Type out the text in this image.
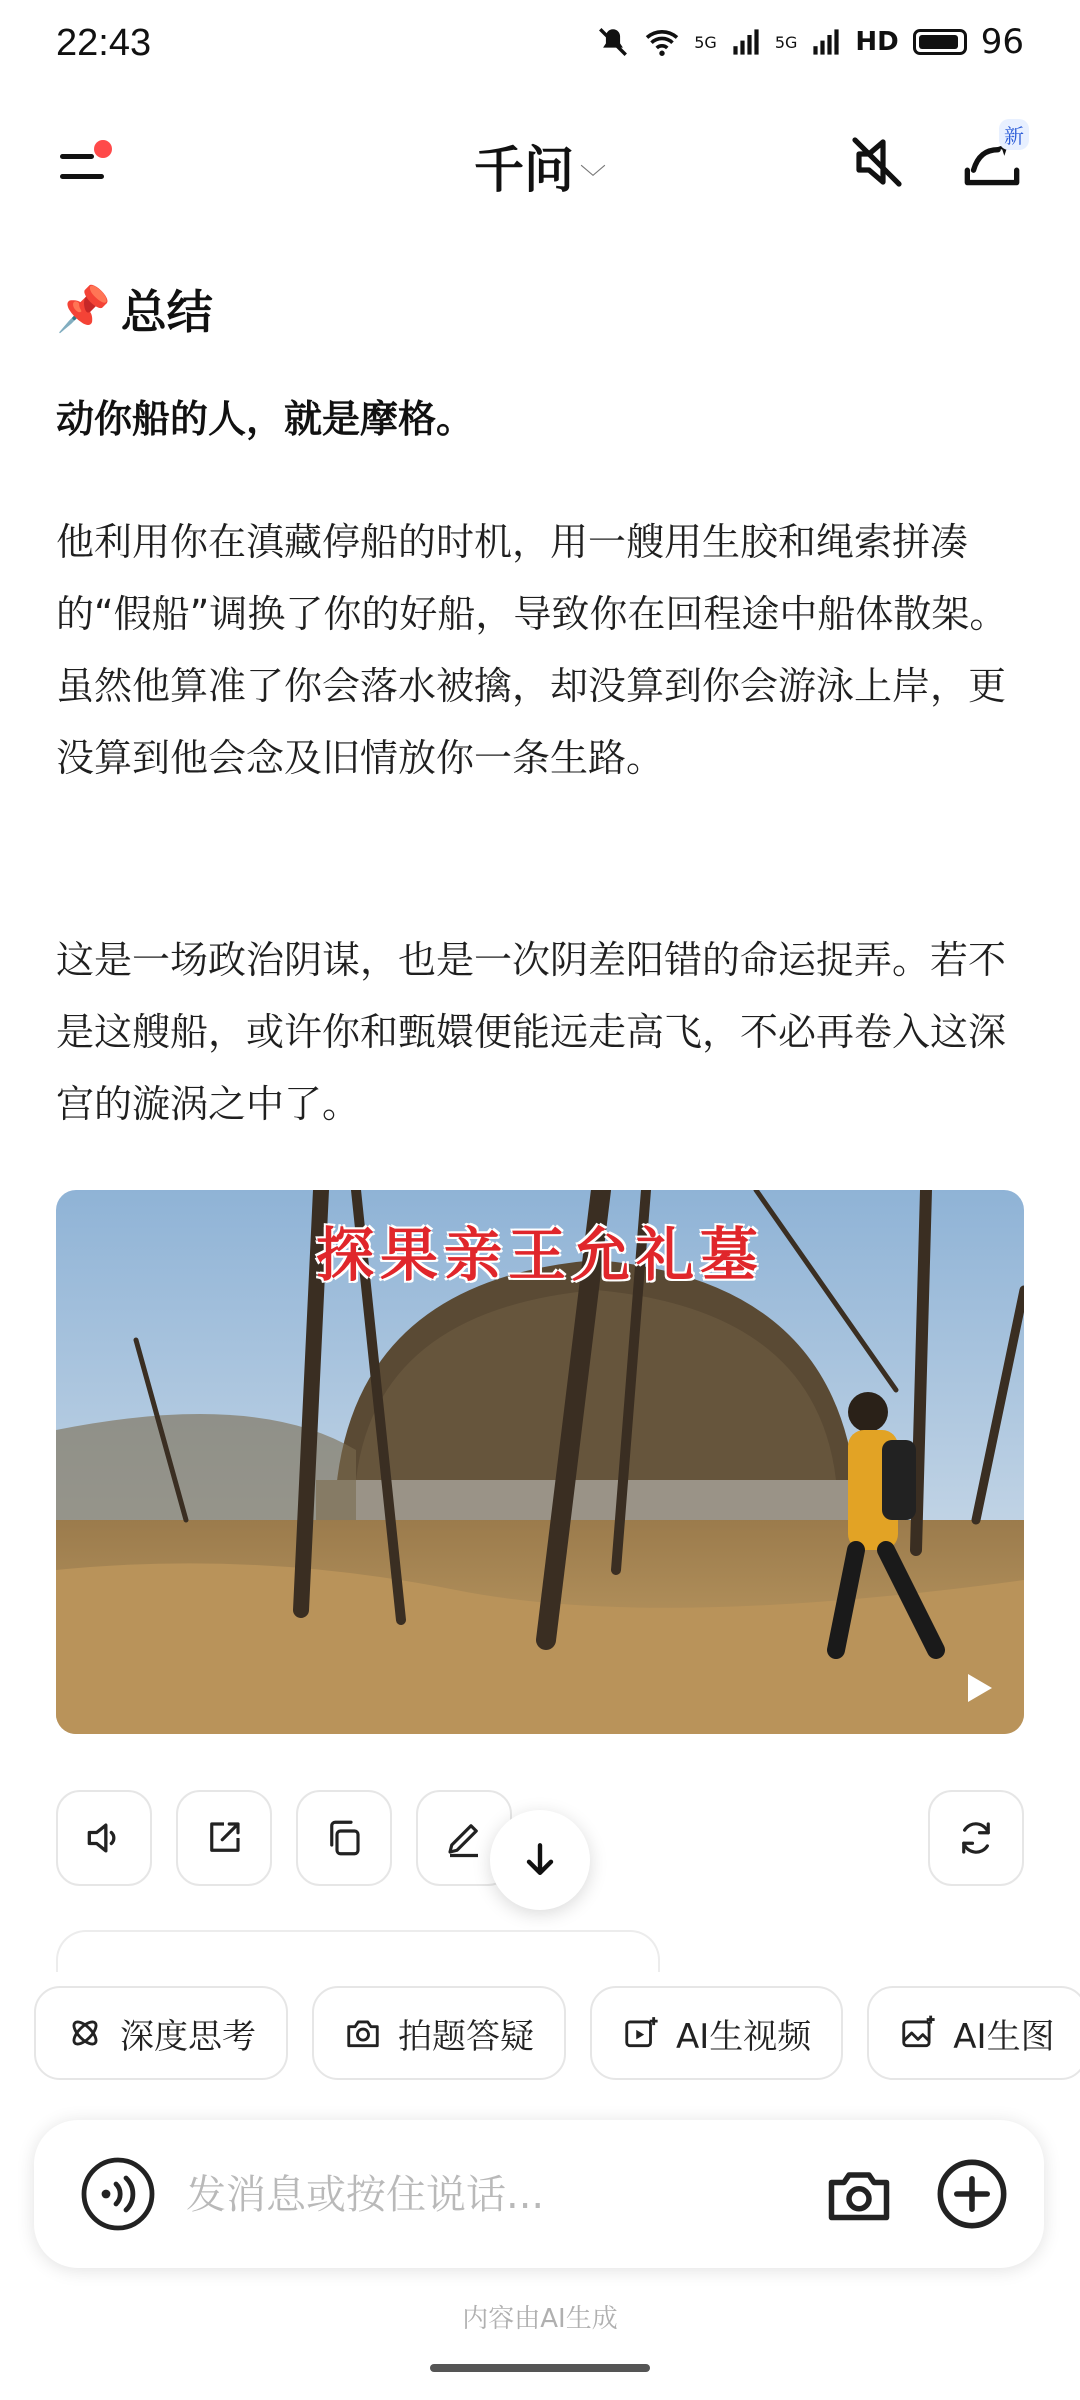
22:43	5G	5G HD 96
千问 ﹀
新
📌 总结
动你船的人，就是摩格。
他利用你在滇藏停船的时机，用一艘用生胶和绳索拼凑的“假船”调换了你的好船，导致你在回程途中船体散架。虽然他算准了你会落水被擒，却没算到你会游泳上岸，更没算到他会念及旧情放你一条生路。
这是一场政治阴谋，也是一次阴差阳错的命运捉弄。若不是这艘船，或许你和甄嬛便能远走高飞，不必再卷入这深宫的漩涡之中了。
探果亲王允礼墓
深度思考	拍题答疑	AI生视频	AI生图
发消息或按住说话...
内容由AI生成
